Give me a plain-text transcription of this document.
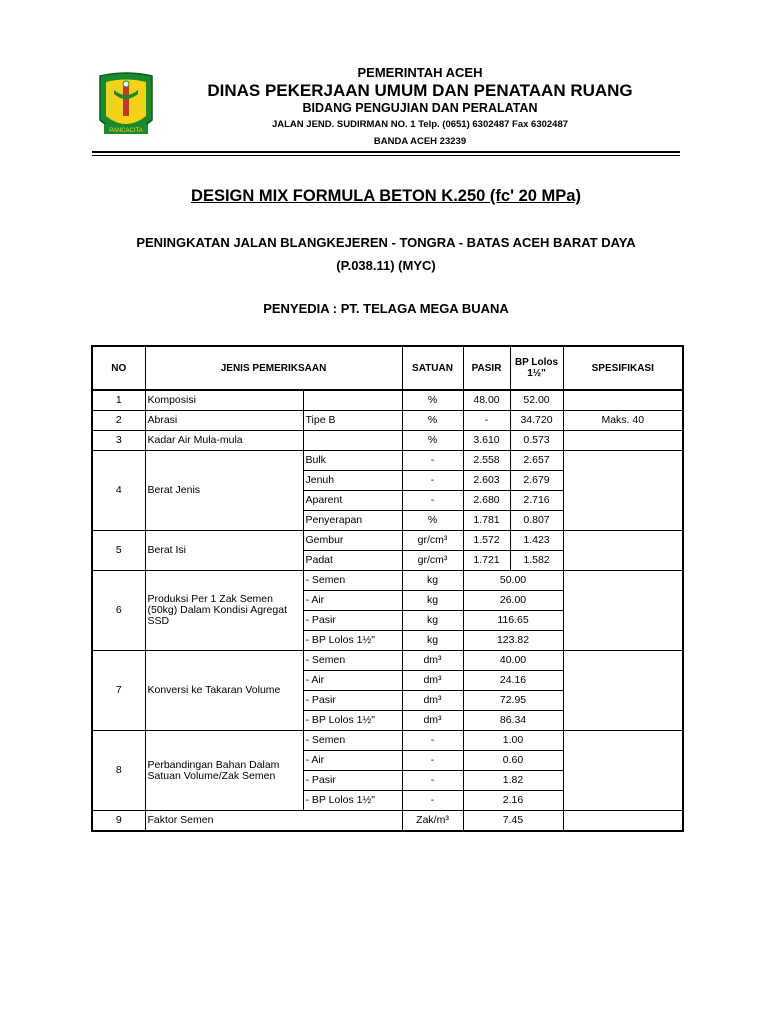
PANCACITA
PEMERINTAH ACEH
DINAS PEKERJAAN UMUM DAN PENATAAN RUANG
BIDANG PENGUJIAN DAN PERALATAN
JALAN JEND. SUDIRMAN NO. 1 Telp. (0651) 6302487 Fax 6302487
BANDA ACEH 23239
DESIGN MIX FORMULA BETON K.250 (fc' 20 MPa)
PENINGKATAN JALAN BLANGKEJEREN - TONGRA - BATAS ACEH BARAT DAYA
(P.038.11) (MYC)
PENYEDIA : PT. TELAGA MEGA BUANA
NO	JENIS PEMERIKSAAN		SATUAN	PASIR	BP Lolos 1½"	SPESIFIKASI
1	Komposisi		%	48.00	52.00	
2	Abrasi	Tipe B	%	-	34.720	Maks. 40
3	Kadar Air Mula-mula		%	3.610	0.573	
4	Berat Jenis	Bulk	-	2.558	2.657	
		Jenuh	-	2.603	2.679	
		Aparent	-	2.680	2.716	
		Penyerapan	%	1.781	0.807	
5	Berat Isi	Gembur	gr/cm³	1.572	1.423	
		Padat	gr/cm³	1.721	1.582	
6	Produksi Per 1 Zak Semen (50kg) Dalam Kondisi Agregat SSD	- Semen	kg	50.00		
		- Air	kg	26.00		
		- Pasir	kg	116.65		
		- BP Lolos 1½"	kg	123.82		
7	Konversi ke Takaran Volume	- Semen	dm³	40.00		
		- Air	dm³	24.16		
		- Pasir	dm³	72.95		
		- BP Lolos 1½"	dm³	86.34		
8	Perbandingan Bahan Dalam Satuan Volume/Zak Semen	- Semen	-	1.00		
		- Air	-	0.60		
		- Pasir	-	1.82		
		- BP Lolos 1½"	-	2.16		
9	Faktor Semen		Zak/m³	7.45		
